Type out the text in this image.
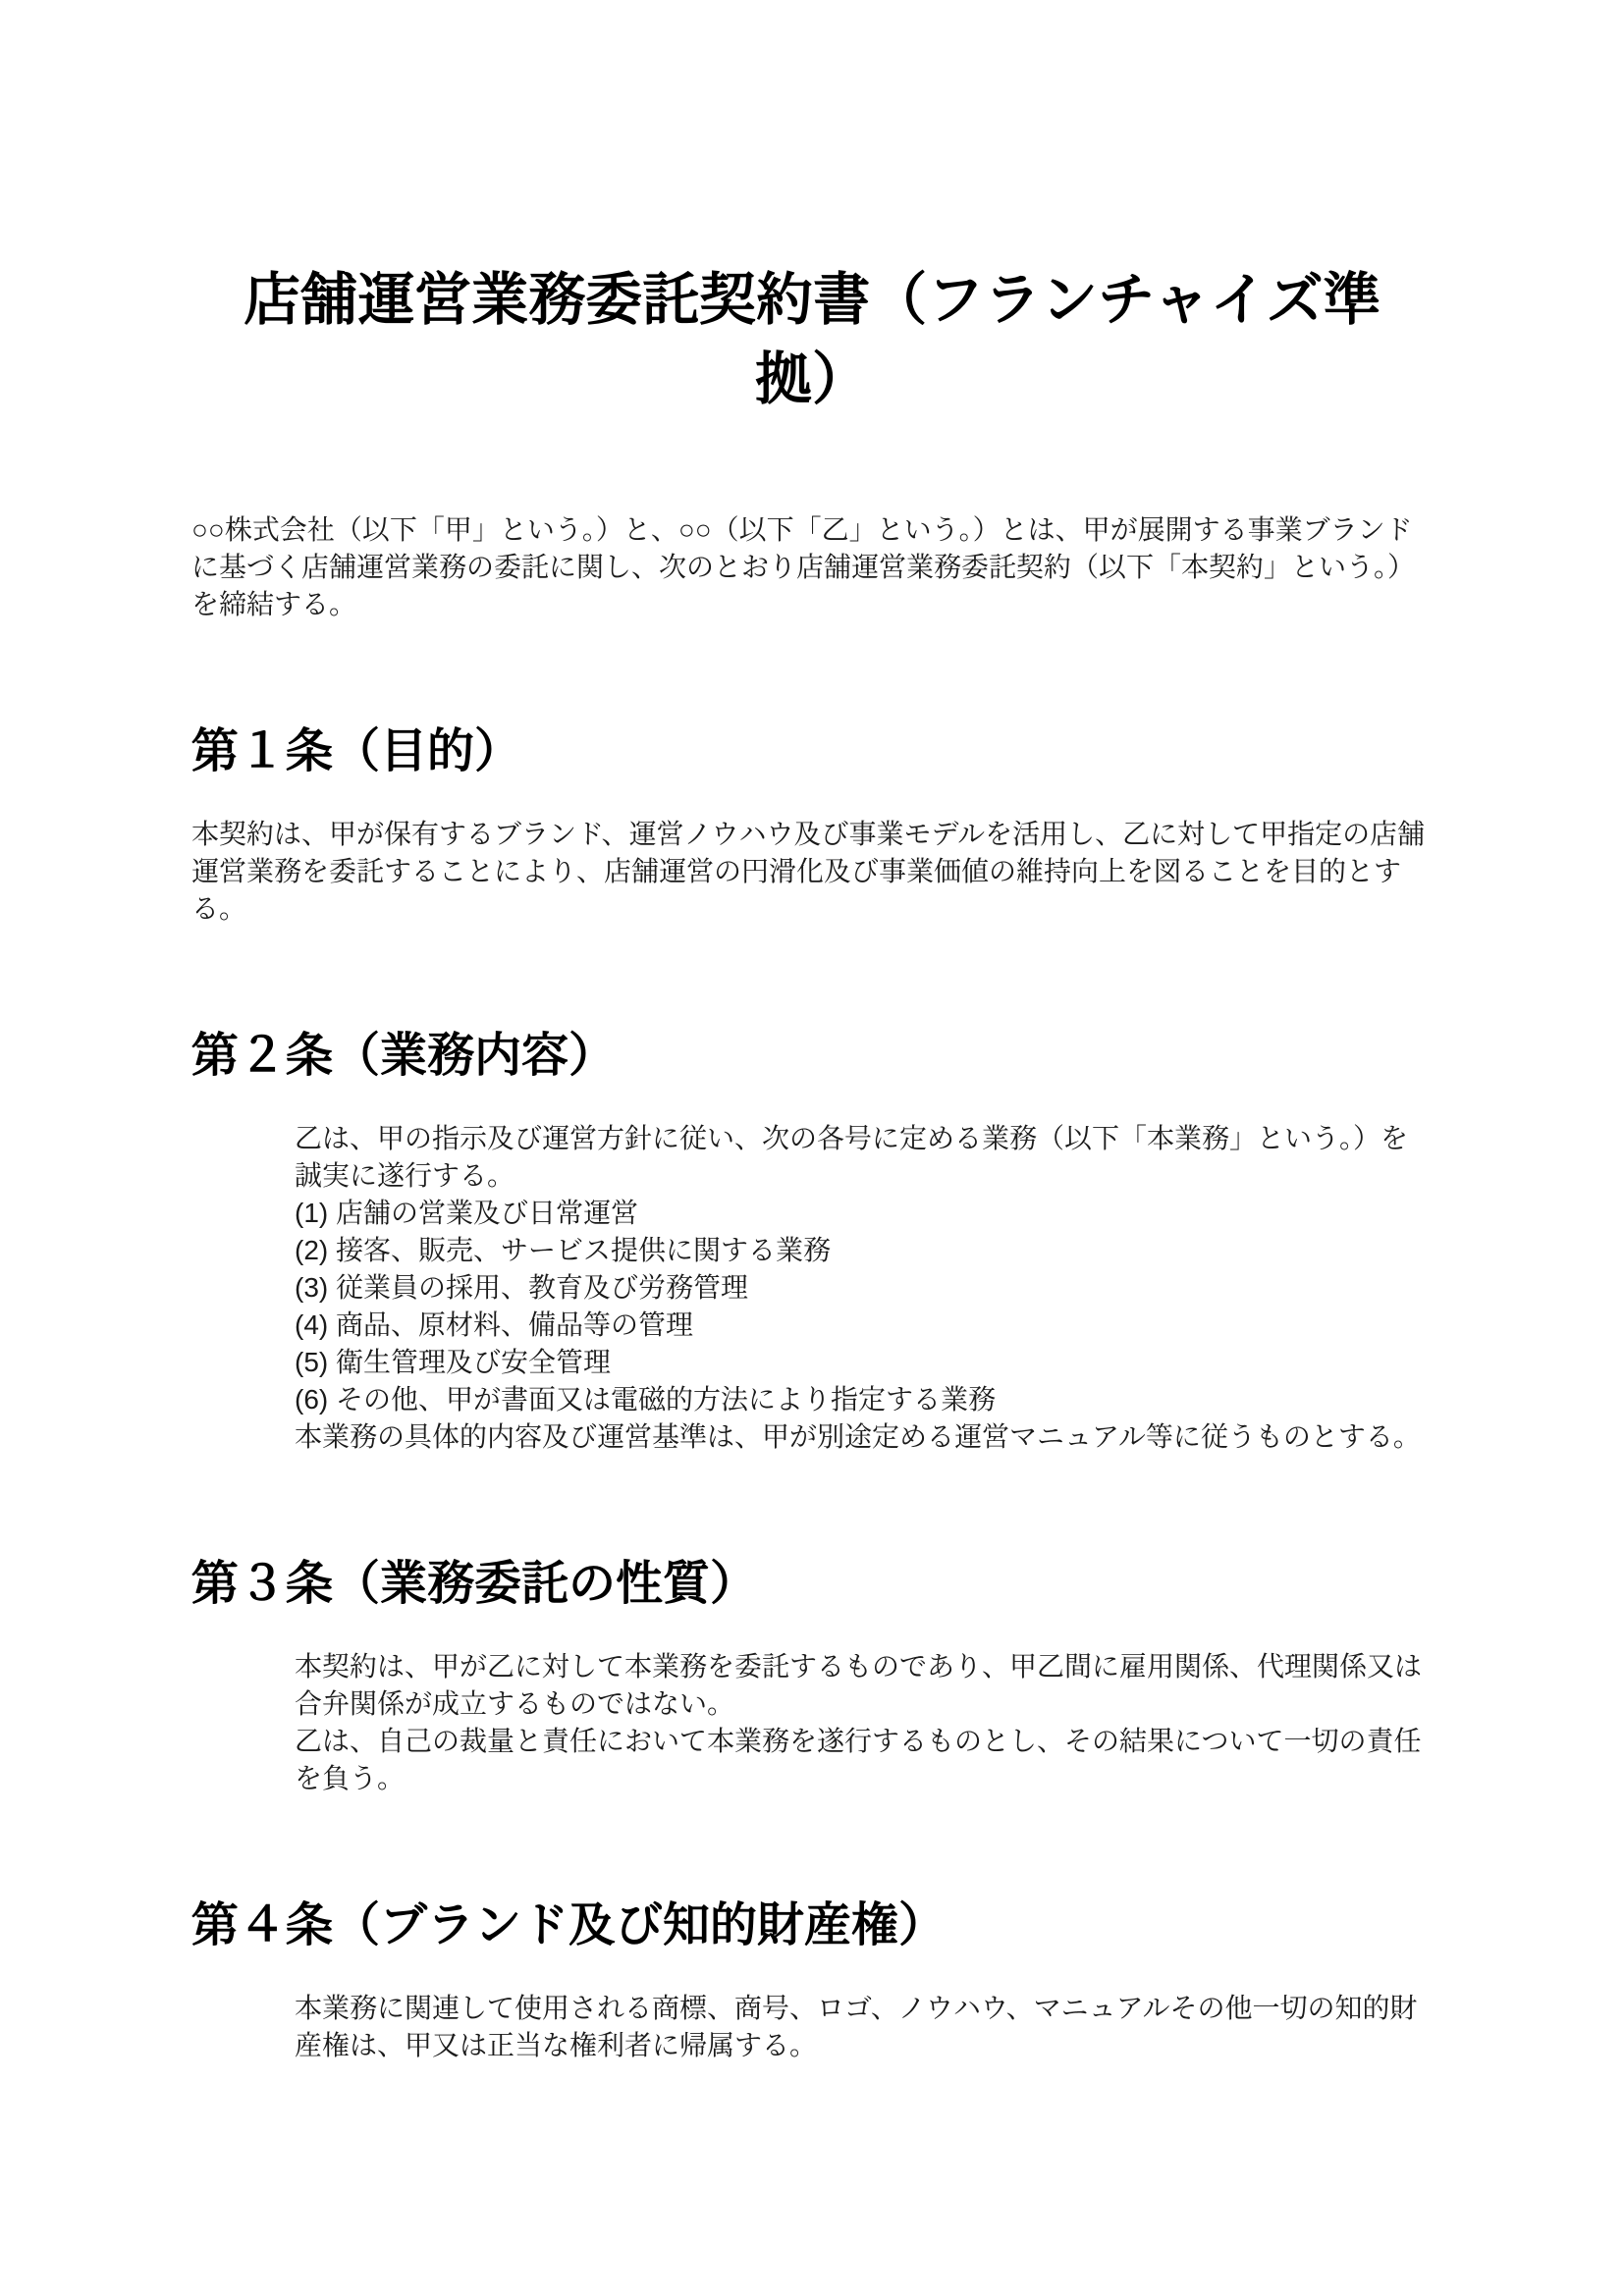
店舗運営業務委託契約書（フランチャイズ準拠）

○○株式会社（以下「甲」という。）と、○○（以下「乙」という。）とは、甲が展開する事業ブランドに基づく店舗運営業務の委託に関し、次のとおり店舗運営業務委託契約（以下「本契約」という。）を締結する。

第１条（目的）
本契約は、甲が保有するブランド、運営ノウハウ及び事業モデルを活用し、乙に対して甲指定の店舗運営業務を委託することにより、店舗運営の円滑化及び事業価値の維持向上を図ることを目的とする。
第２条（業務内容）
乙は、甲の指示及び運営方針に従い、次の各号に定める業務（以下「本業務」という。）を誠実に遂行する。
(1) 店舗の営業及び日常運営
(2) 接客、販売、サービス提供に関する業務
(3) 従業員の採用、教育及び労務管理
(4) 商品、原材料、備品等の管理
(5) 衛生管理及び安全管理
(6) その他、甲が書面又は電磁的方法により指定する業務
本業務の具体的内容及び運営基準は、甲が別途定める運営マニュアル等に従うものとする。
第３条（業務委託の性質）
本契約は、甲が乙に対して本業務を委託するものであり、甲乙間に雇用関係、代理関係又は合弁関係が成立するものではない。
乙は、自己の裁量と責任において本業務を遂行するものとし、その結果について一切の責任を負う。
第４条（ブランド及び知的財産権）
本業務に関連して使用される商標、商号、ロゴ、ノウハウ、マニュアルその他一切の知的財産権は、甲又は正当な権利者に帰属する。
